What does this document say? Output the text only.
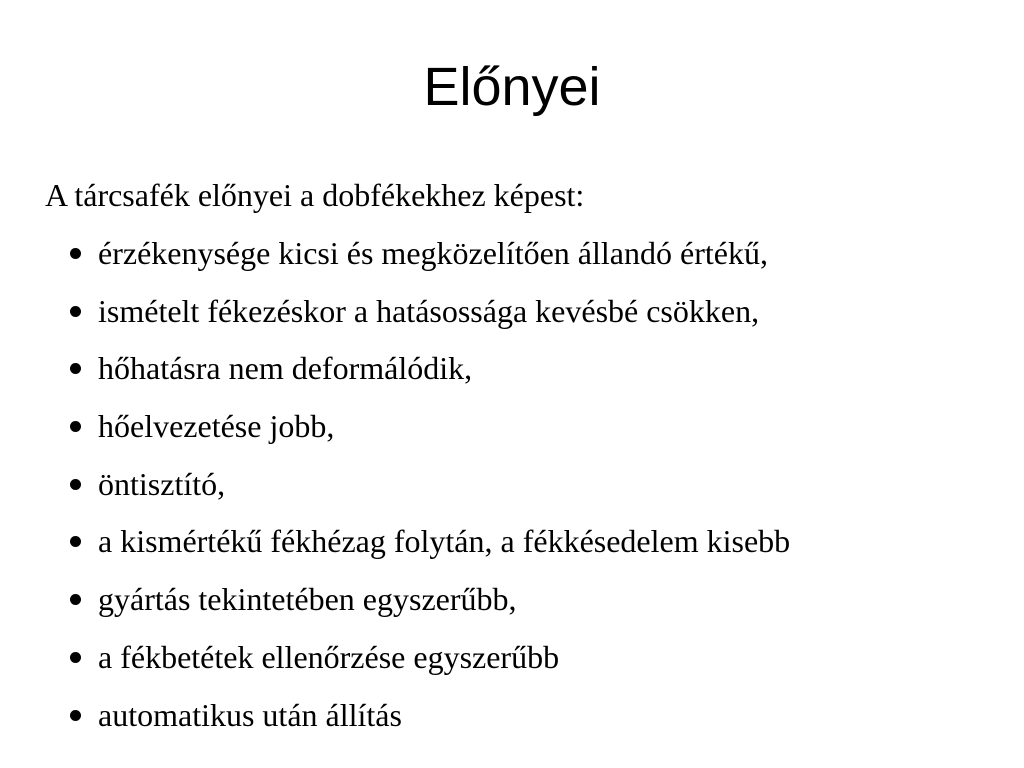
Előnyei
A tárcsafék előnyei a dobfékekhez képest:
érzékenysége kicsi és megközelítően állandó értékű,
ismételt fékezéskor a hatásossága kevésbé csökken,
hőhatásra nem deformálódik,
hőelvezetése jobb,
öntisztító,
a kismértékű fékhézag folytán, a fékkésedelem kisebb
gyártás tekintetében egyszerűbb,
a fékbetétek ellenőrzése egyszerűbb
automatikus után állítás
